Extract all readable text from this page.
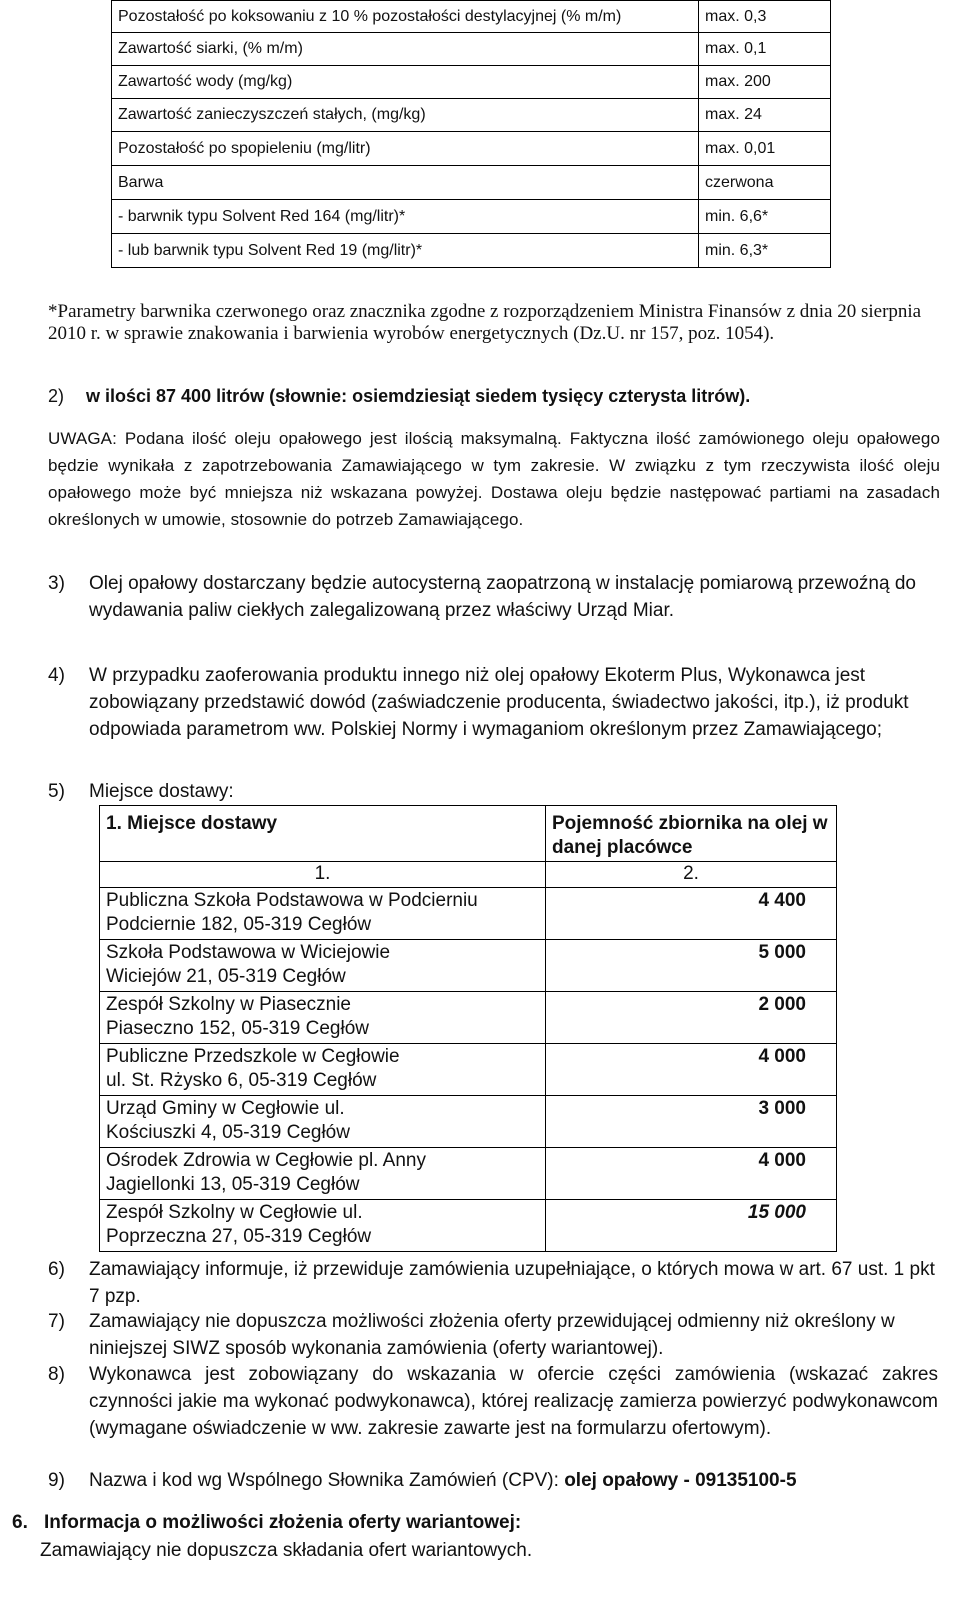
Pozostałość po koksowaniu z 10 % pozostałości destylacyjnej (% m/m)	max. 0,3
Zawartość siarki, (% m/m)	max. 0,1
Zawartość wody (mg/kg)	max. 200
Zawartość zanieczyszczeń stałych, (mg/kg)	max. 24
Pozostałość po spopieleniu (mg/litr)	max. 0,01
Barwa	czerwona
- barwnik typu Solvent Red 164 (mg/litr)*	min. 6,6*
- lub barwnik typu Solvent Red 19 (mg/litr)*	min. 6,3*
*Parametry barwnika czerwonego oraz znacznika zgodne z rozporządzeniem Ministra Finansów z dnia 20 sierpnia 2010 r. w sprawie znakowania i barwienia wyrobów energetycznych (Dz.U. nr 157, poz. 1054).
2) w ilości 87 400 litrów (słownie: osiemdziesiąt siedem tysięcy czterysta litrów).
UWAGA: Podana ilość oleju opałowego jest ilością maksymalną. Faktyczna ilość zamówionego oleju opałowego będzie wynikała z zapotrzebowania Zamawiającego w tym zakresie. W związku z tym rzeczywista ilość oleju opałowego może być mniejsza niż wskazana powyżej. Dostawa oleju będzie następować partiami na zasadach określonych w umowie, stosownie do potrzeb Zamawiającego.
3) Olej opałowy dostarczany będzie autocysterną zaopatrzoną w instalację pomiarową przewoźną do wydawania paliw ciekłych zalegalizowaną przez właściwy Urząd Miar.
4) W przypadku zaoferowania produktu innego niż olej opałowy Ekoterm Plus, Wykonawca jest zobowiązany przedstawić dowód (zaświadczenie producenta, świadectwo jakości, itp.), iż produkt odpowiada parametrom ww. Polskiej Normy i wymaganiom określonym przez Zamawiającego;
5) Miejsce dostawy:
1. Miejsce dostawy	Pojemność zbiornika na olej w danej placówce
1.	2.
Publiczna Szkoła Podstawowa w Podcierniu
Podciernie 182, 05-319 Cegłów	4 400
Szkoła Podstawowa w Wiciejowie
Wiciejów 21, 05-319 Cegłów	5 000
Zespół Szkolny w Piasecznie
Piaseczno 152, 05-319 Cegłów	2 000
Publiczne Przedszkole w Cegłowie
ul. St. Rżysko 6, 05-319 Cegłów	4 000
Urząd Gminy w Cegłowie ul.
Kościuszki 4, 05-319 Cegłów	3 000
Ośrodek Zdrowia w Cegłowie pl. Anny
Jagiellonki 13, 05-319 Cegłów	4 000
Zespół Szkolny w Cegłowie ul.
Poprzeczna 27, 05-319 Cegłów	15 000
6) Zamawiający informuje, iż przewiduje zamówienia uzupełniające, o których mowa w art. 67 ust. 1 pkt 7 pzp.
7) Zamawiający nie dopuszcza możliwości złożenia oferty przewidującej odmienny niż określony w niniejszej SIWZ sposób wykonania zamówienia (oferty wariantowej).
8) Wykonawca jest zobowiązany do wskazania w ofercie części zamówienia (wskazać zakres czynności jakie ma wykonać podwykonawca), której realizację zamierza powierzyć podwykonawcom (wymagane oświadczenie w ww. zakresie zawarte jest na formularzu ofertowym).
9) Nazwa i kod wg Wspólnego Słownika Zamówień (CPV): olej opałowy - 09135100-5
6. Informacja o możliwości złożenia oferty wariantowej:
Zamawiający nie dopuszcza składania ofert wariantowych.
